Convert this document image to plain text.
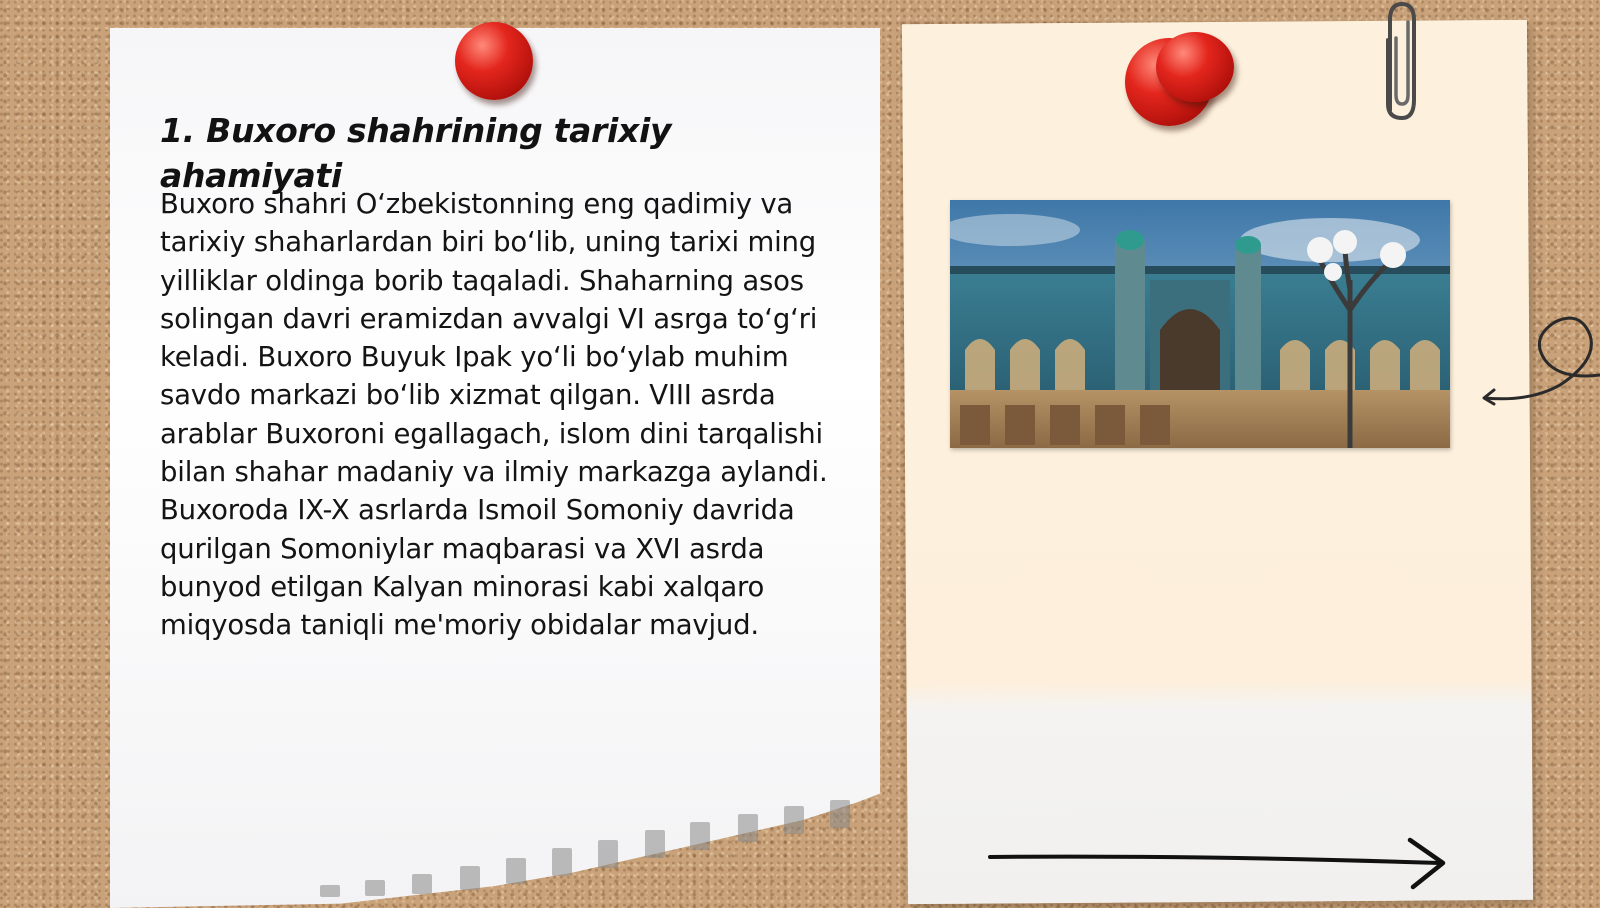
1. Buxoro shahrining tarixiy ahamiyati

Buxoro shahri O‘zbekistonning eng qadimiy va tarixiy shaharlardan biri bo‘lib, uning tarixi ming yilliklar oldinga borib taqaladi. Shaharning asos solingan davri eramizdan avvalgi VI asrga to‘g‘ri keladi. Buxoro Buyuk Ipak yo‘li bo‘ylab muhim savdo markazi bo‘lib xizmat qilgan. VIII asrda arablar Buxoroni egallagach, islom dini tarqalishi bilan shahar madaniy va ilmiy markazga aylandi. Buxoroda IX-X asrlarda Ismoil Somoniy davrida qurilgan Somoniylar maqbarasi va XVI asrda bunyod etilgan Kalyan minorasi kabi xalqaro miqyosda taniqli me'moriy obidalar mavjud.
